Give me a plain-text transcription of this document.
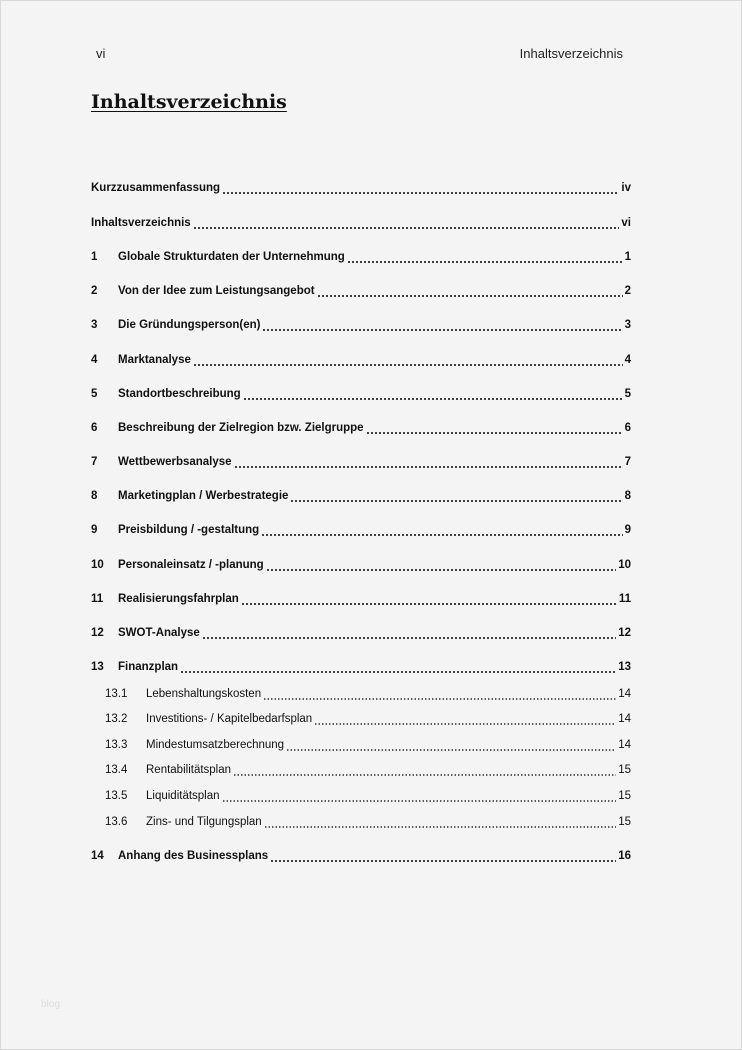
vi	Inhaltsverzeichnis
Inhaltsverzeichnis
Kurzzusammenfassung	iv
Inhaltsverzeichnis	vi
1	Globale Strukturdaten der Unternehmung	1
2	Von der Idee zum Leistungsangebot	2
3	Die Gründungsperson(en)	3
4	Marktanalyse	4
5	Standortbeschreibung	5
6	Beschreibung der Zielregion bzw. Zielgruppe	6
7	Wettbewerbsanalyse	7
8	Marketingplan / Werbestrategie	8
9	Preisbildung / -gestaltung	9
10	Personaleinsatz / -planung	10
11	Realisierungsfahrplan	11
12	SWOT-Analyse	12
13	Finanzplan	13
13.1	Lebenshaltungskosten	14
13.2	Investitions- / Kapitelbedarfsplan	14
13.3	Mindestumsatzberechnung	14
13.4	Rentabilitätsplan	15
13.5	Liquiditätsplan	15
13.6	Zins- und Tilgungsplan	15
14	Anhang des Businessplans	16
blog
